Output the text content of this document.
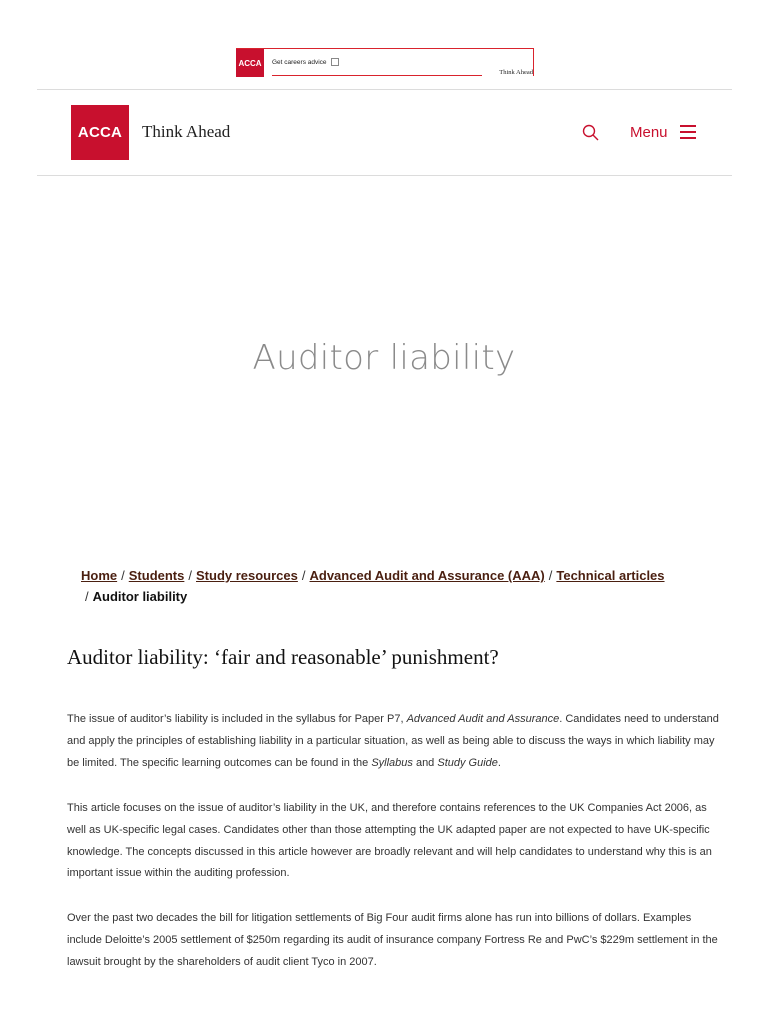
ACCA	Get careers advice
Think Ahead
ACCA	Think Ahead	Menu
Auditor liability
Home / Students / Study resources / Advanced Audit and Assurance (AAA) / Technical articles
/ Auditor liability
Auditor liability: ‘fair and reasonable’ punishment?

The issue of auditor’s liability is included in the syllabus for Paper P7, Advanced Audit and Assurance. Candidates need to understand and apply the principles of establishing liability in a particular situation, as well as being able to discuss the ways in which liability may be limited. The specific learning outcomes can be found in the Syllabus and Study Guide.

This article focuses on the issue of auditor’s liability in the UK, and therefore contains references to the UK Companies Act 2006, as well as UK-specific legal cases. Candidates other than those attempting the UK adapted paper are not expected to have UK-specific knowledge. The concepts discussed in this article however are broadly relevant and will help candidates to understand why this is an important issue within the auditing profession.

Over the past two decades the bill for litigation settlements of Big Four audit firms alone has run into billions of dollars. Examples include Deloitte’s 2005 settlement of $250m regarding its audit of insurance company Fortress Re and PwC’s $229m settlement in the lawsuit brought by the shareholders of audit client Tyco in 2007.
